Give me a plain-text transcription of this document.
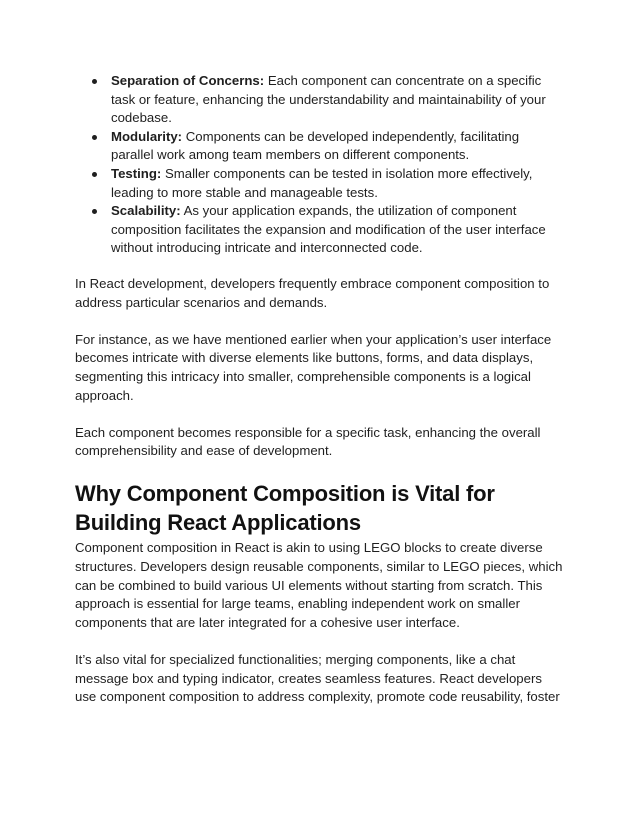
Separation of Concerns: Each component can concentrate on a specific task or feature, enhancing the understandability and maintainability of your codebase.
Modularity: Components can be developed independently, facilitating parallel work among team members on different components.
Testing: Smaller components can be tested in isolation more effectively, leading to more stable and manageable tests.
Scalability: As your application expands, the utilization of component composition facilitates the expansion and modification of the user interface without introducing intricate and interconnected code.

In React development, developers frequently embrace component composition to address particular scenarios and demands.

For instance, as we have mentioned earlier when your application’s user interface becomes intricate with diverse elements like buttons, forms, and data displays, segmenting this intricacy into smaller, comprehensible components is a logical approach.

Each component becomes responsible for a specific task, enhancing the overall comprehensibility and ease of development.

Why Component Composition is Vital for Building React Applications

Component composition in React is akin to using LEGO blocks to create diverse structures. Developers design reusable components, similar to LEGO pieces, which can be combined to build various UI elements without starting from scratch. This approach is essential for large teams, enabling independent work on smaller components that are later integrated for a cohesive user interface.

It’s also vital for specialized functionalities; merging components, like a chat message box and typing indicator, creates seamless features. React developers use component composition to address complexity, promote code reusability, foster
